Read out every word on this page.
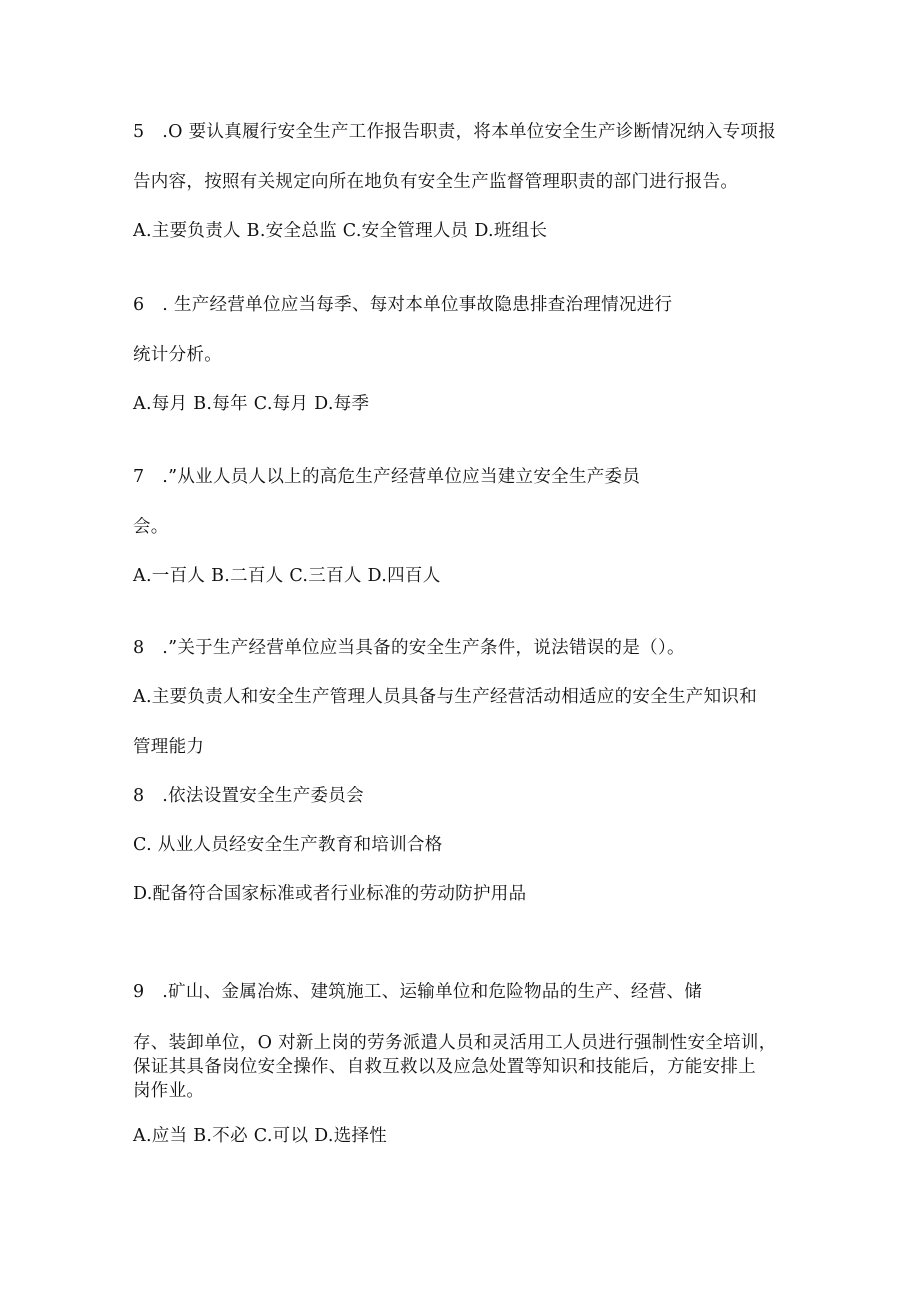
5 .O 要认真履行安全生产工作报告职责，将本单位安全生产诊断情况纳入专项报
告内容，按照有关规定向所在地负有安全生产监督管理职责的部门进行报告。
A.主要负责人 B.安全总监 C.安全管理人员 D.班组长
6 . 生产经营单位应当每季、每对本单位事故隐患排查治理情况进行
统计分析。
A.每月 B.每年 C.每月 D.每季
7 .”从业人员人以上的高危生产经营单位应当建立安全生产委员
会。
A.一百人 B.二百人 C.三百人 D.四百人
8 .”关于生产经营单位应当具备的安全生产条件，说法错误的是（）。
A.主要负责人和安全生产管理人员具备与生产经营活动相适应的安全生产知识和
管理能力
8 .依法设置安全生产委员会
C. 从业人员经安全生产教育和培训合格
D.配备符合国家标准或者行业标准的劳动防护用品
9 .矿山、金属冶炼、建筑施工、运输单位和危险物品的生产、经营、储
存、装卸单位，O 对新上岗的劳务派遣人员和灵活用工人员进行强制性安全培训，
保证其具备岗位安全操作、自救互救以及应急处置等知识和技能后，方能安排上
岗作业。
A.应当 B.不必 C.可以 D.选择性
